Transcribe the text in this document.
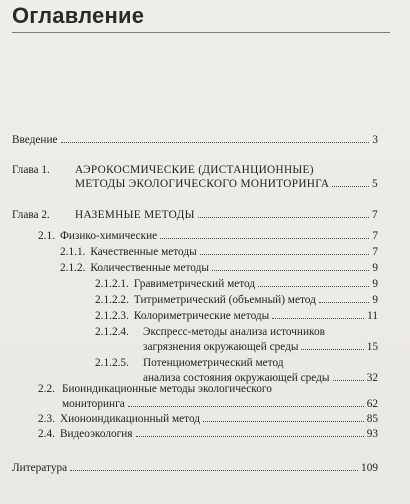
Оглавление
Введение	3
Глава 1. АЭРОКОСМИЧЕСКИЕ (ДИСТАНЦИОННЫЕ)
МЕТОДЫ ЭКОЛОГИЧЕСКОГО МОНИТОРИНГА	5
Глава 2. НАЗЕМНЫЕ МЕТОДЫ	7
2.1. Физико-химические	7
2.1.1. Качественные методы	7
2.1.2. Количественные методы	9
2.1.2.1. Гравиметрический метод	9
2.1.2.2. Титриметрический (объемный) метод	9
2.1.2.3. Колориметрические методы	11
2.1.2.4. Экспресс-методы анализа источников
загрязнения окружающей среды	15
2.1.2.5. Потенциометрический метод
анализа состояния окружающей среды	32
2.2. Биоиндикационные методы экологического
мониторинга	62
2.3. Хионоиндикационный метод	85
2.4. Видеоэкология	93
Литература	109
